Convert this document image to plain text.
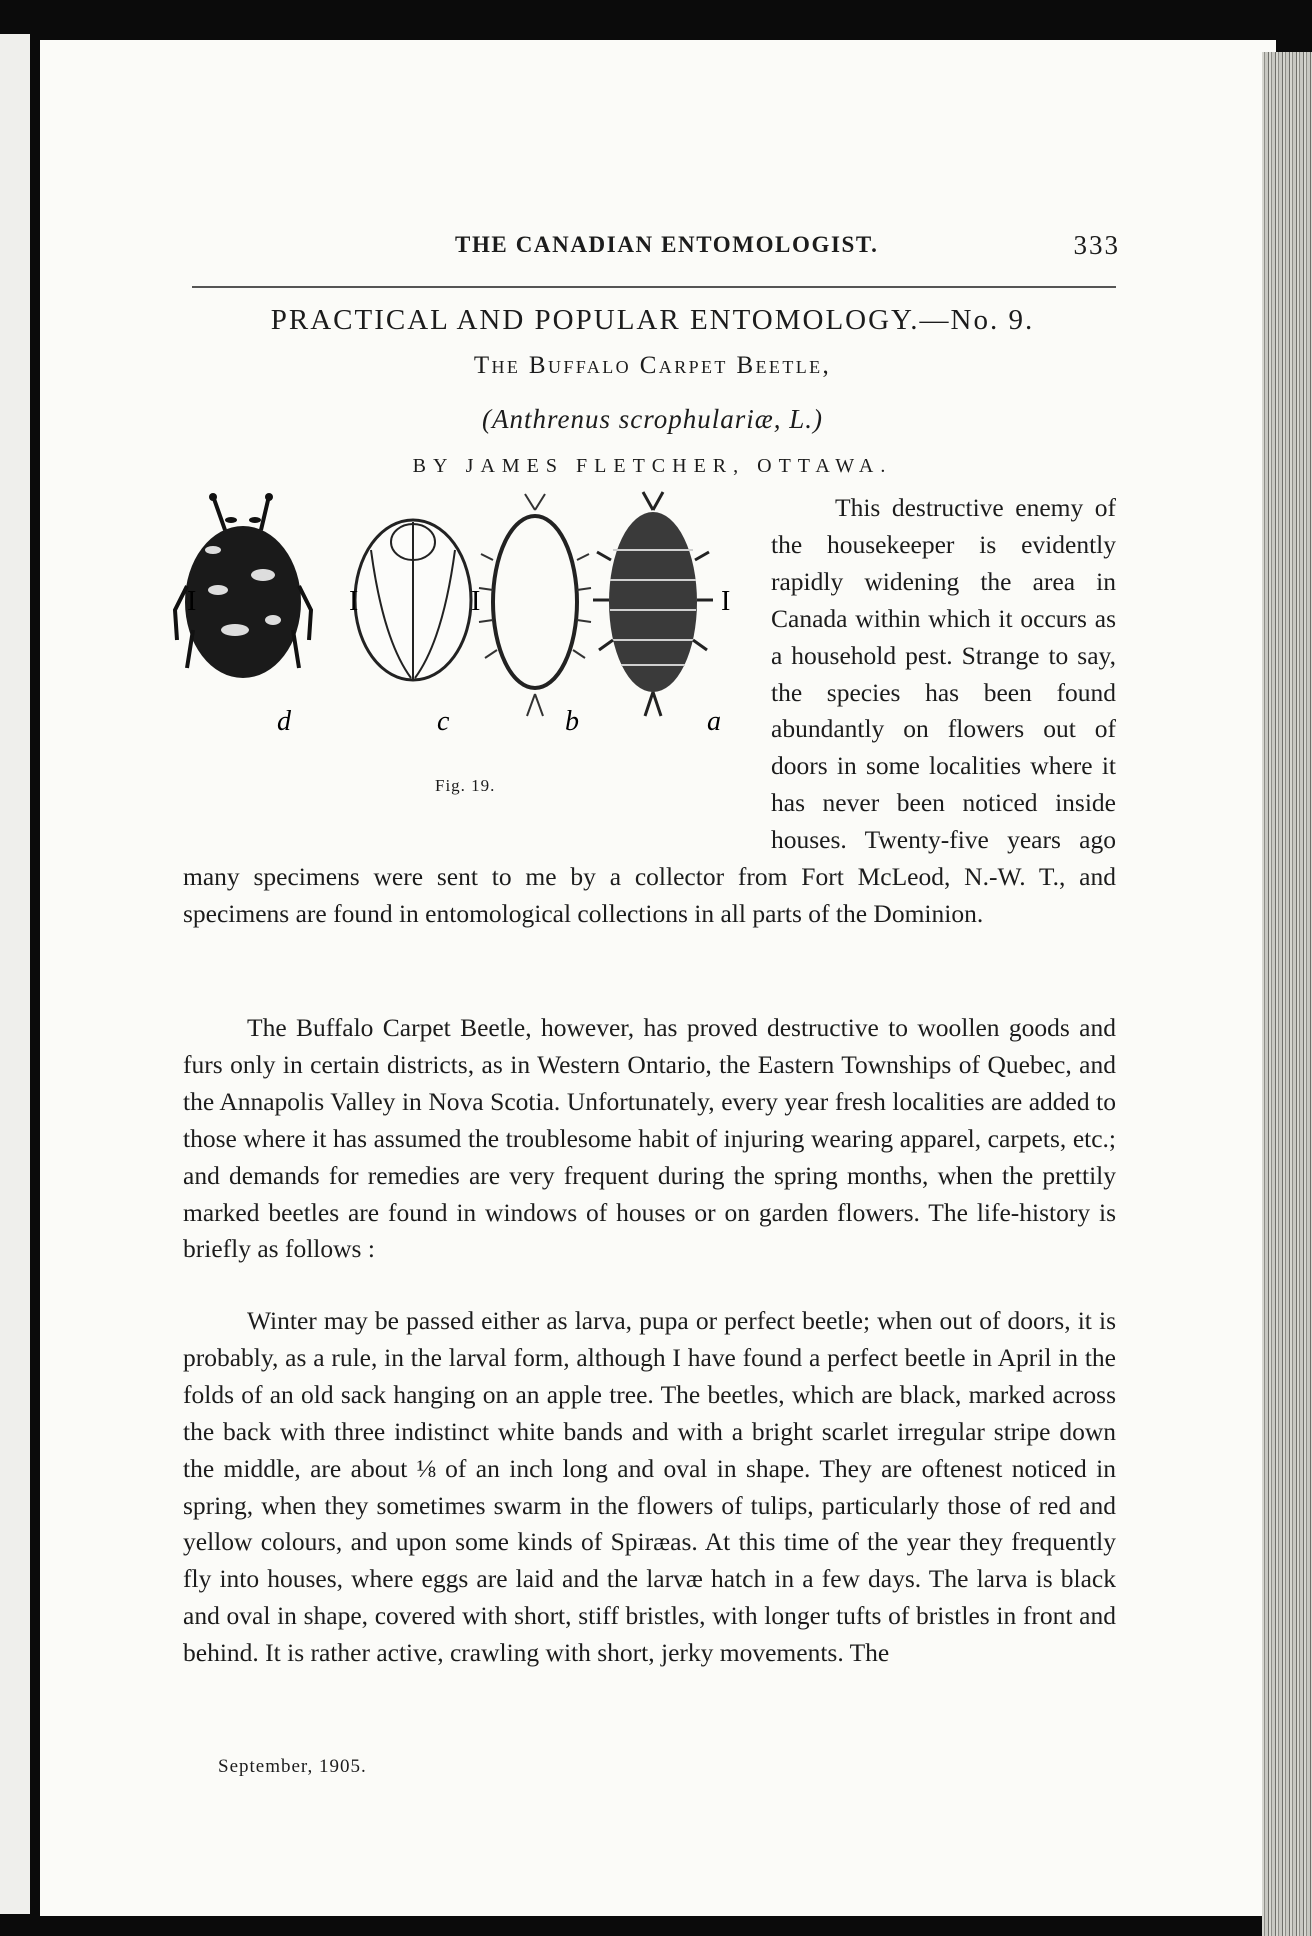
THE CANADIAN ENTOMOLOGIST.	333
PRACTICAL AND POPULAR ENTOMOLOGY.—No. 9.
The Buffalo Carpet Beetle,
(Anthrenus scrophulariæ, L.)
BY JAMES FLETCHER, OTTAWA.
I	I	I	I
d	c	b	a
Fig. 19.

This destructive enemy of the housekeeper is evidently rapidly widening the area in Canada within which it occurs as a household pest. Strange to say, the species has been found abundantly on flowers out of doors in some localities where it has never been noticed inside houses. Twenty-five years ago many specimens were sent to me by a collector from Fort McLeod, N.-W. T., and specimens are found in entomological collections in all parts of the Dominion.

The Buffalo Carpet Beetle, however, has proved destructive to woollen goods and furs only in certain districts, as in Western Ontario, the Eastern Townships of Quebec, and the Annapolis Valley in Nova Scotia. Unfortunately, every year fresh localities are added to those where it has assumed the troublesome habit of injuring wearing apparel, carpets, etc.; and demands for remedies are very frequent during the spring months, when the prettily marked beetles are found in windows of houses or on garden flowers. The life-history is briefly as follows :

Winter may be passed either as larva, pupa or perfect beetle; when out of doors, it is probably, as a rule, in the larval form, although I have found a perfect beetle in April in the folds of an old sack hanging on an apple tree. The beetles, which are black, marked across the back with three indistinct white bands and with a bright scarlet irregular stripe down the middle, are about ⅛ of an inch long and oval in shape. They are oftenest noticed in spring, when they sometimes swarm in the flowers of tulips, particularly those of red and yellow colours, and upon some kinds of Spiræas. At this time of the year they frequently fly into houses, where eggs are laid and the larvæ hatch in a few days. The larva is black and oval in shape, covered with short, stiff bristles, with longer tufts of bristles in front and behind. It is rather active, crawling with short, jerky movements. The

September, 1905.
